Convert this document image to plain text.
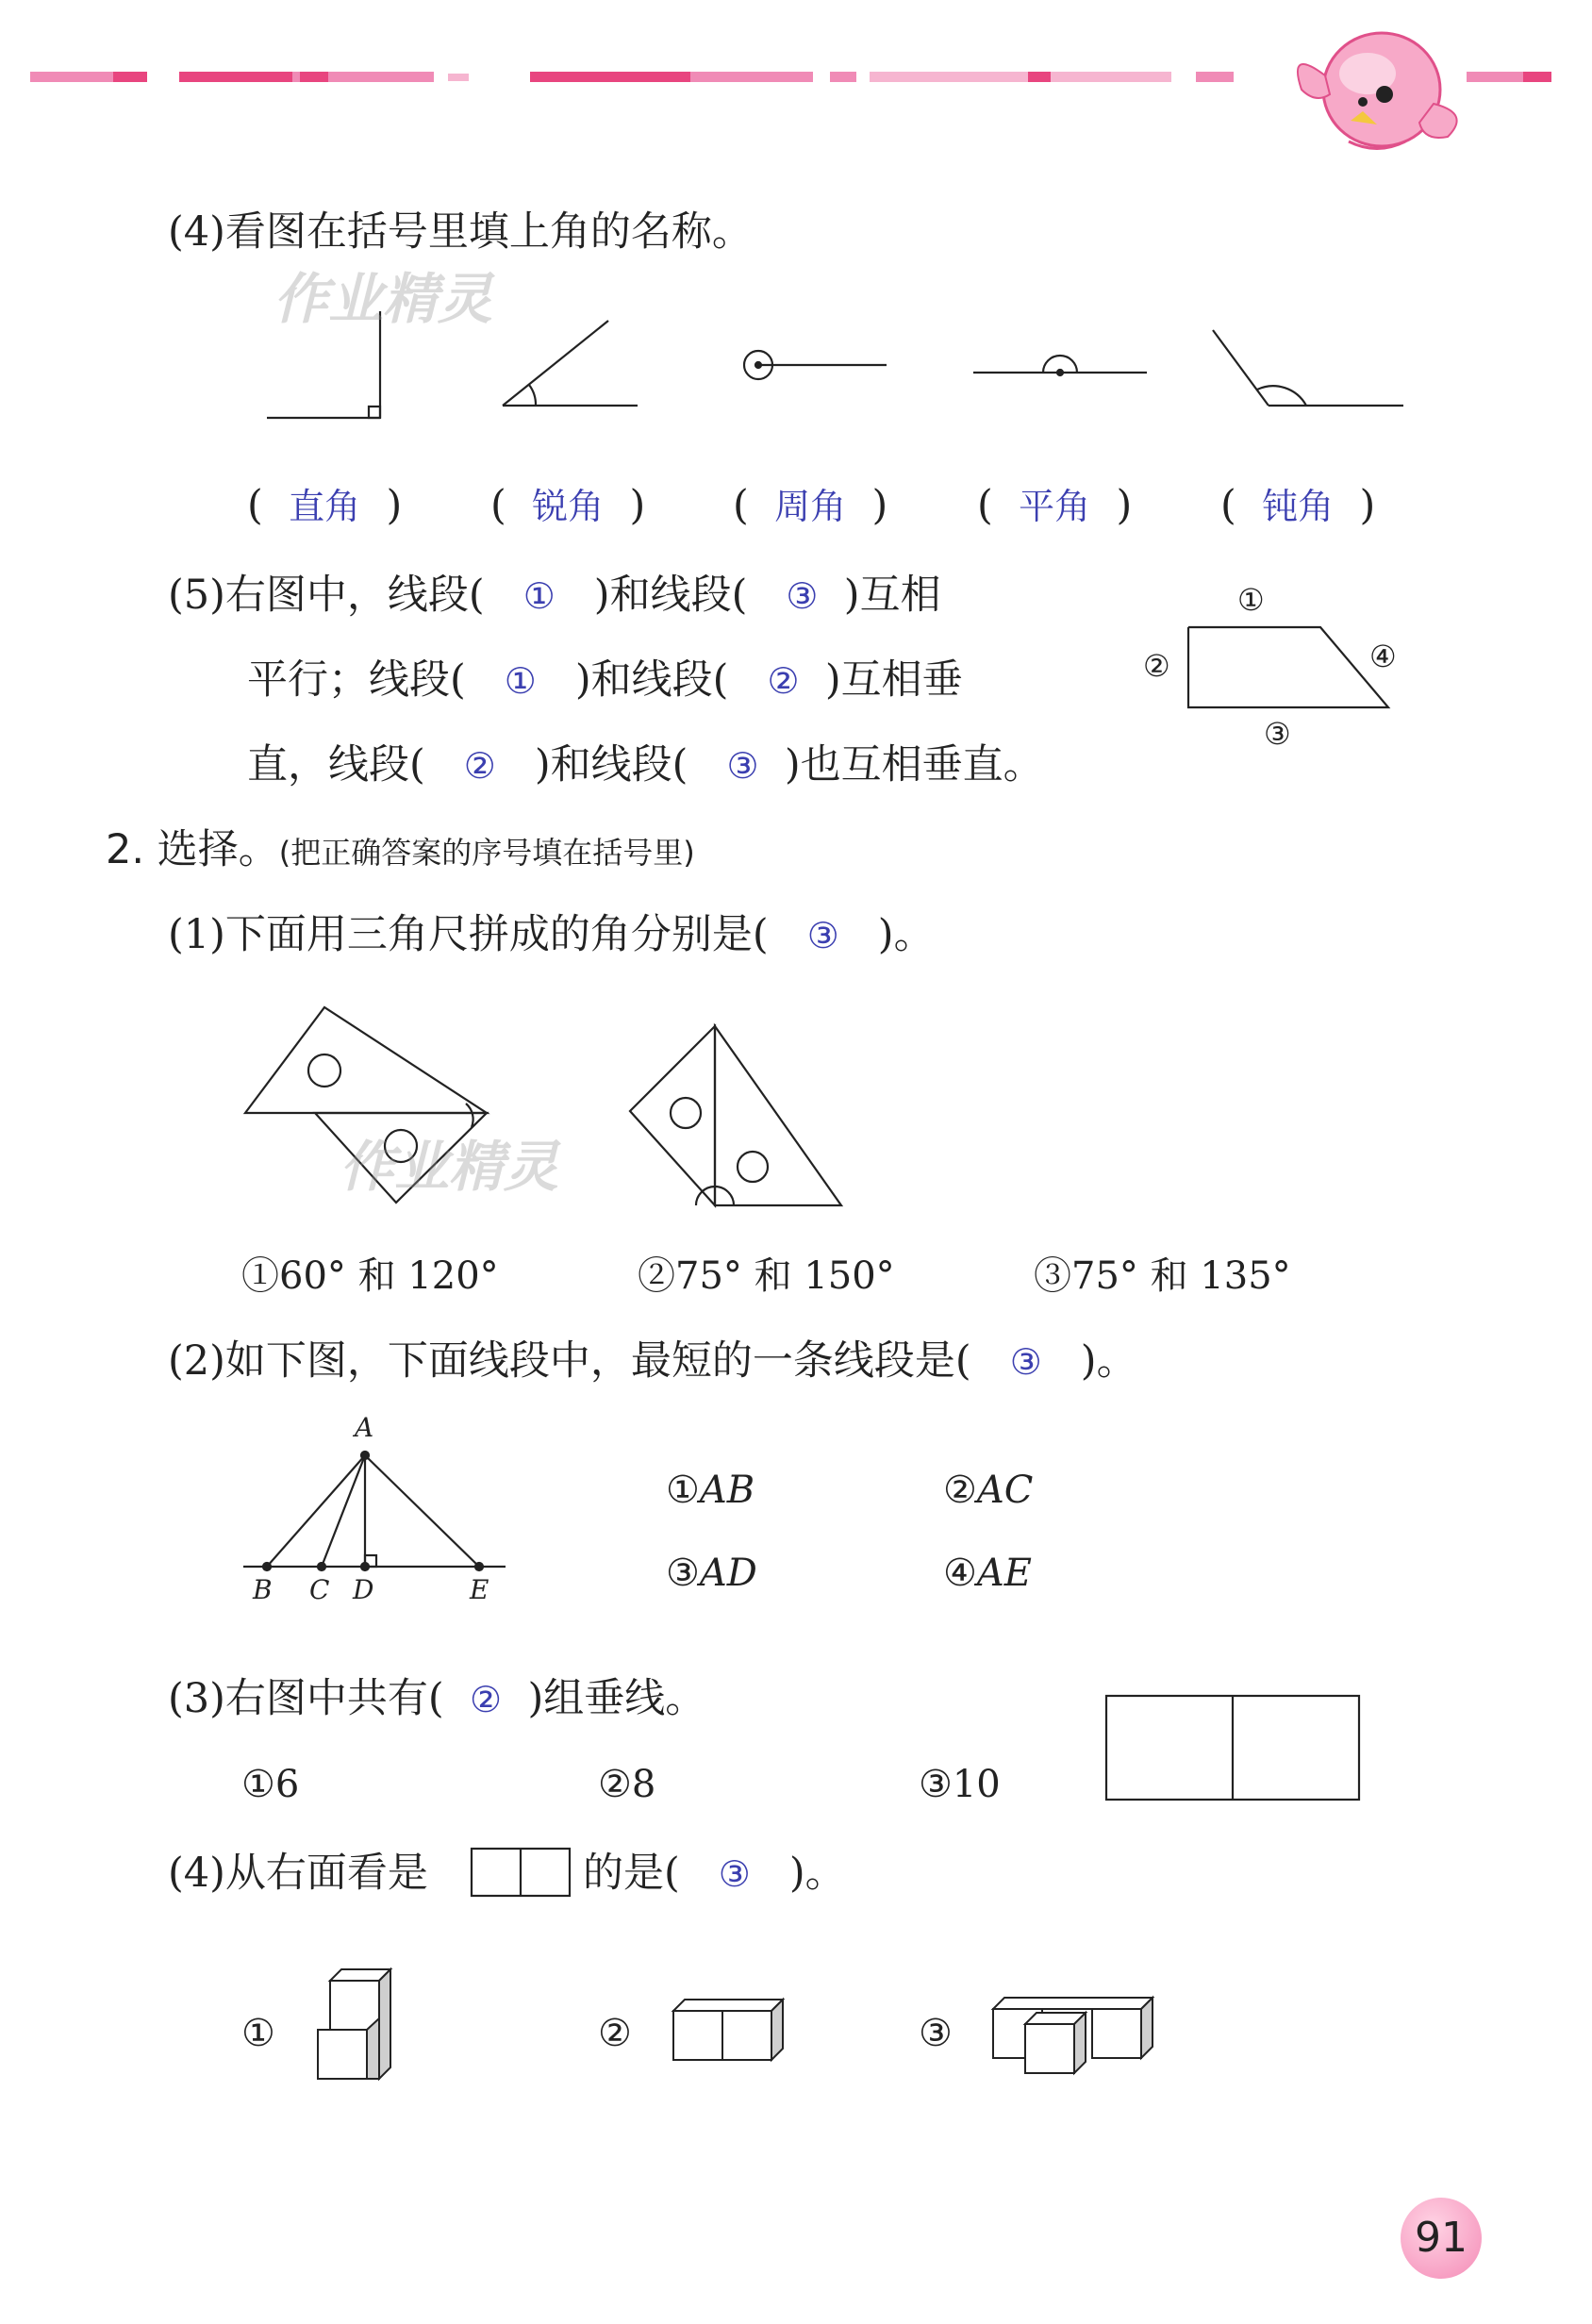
作业精灵
作业精灵
(4)看图在括号里填上角的名称。
(  直角  ) (  锐角  ) (  周角  ) (  平角  ) (  钝角  )
(5)右图中，线段( ① )和线段( ③ )互相
平行；线段( ① )和线段( ② )互相垂
直，线段( ② )和线段( ③ )也互相垂直。
①
②
③
④
2. 选择。(把正确答案的序号填在括号里)
(1)下面用三角尺拼成的角分别是( ③ )。
①60° 和 120°	②75° 和 150°	③75° 和 135°
(2)如下图，下面线段中，最短的一条线段是( ③ )。
A
B C D	E
①AB	②AC
③AD	④AE
(3)右图中共有( ② )组垂线。
①6	②8	③10
(4)从右面看是	的是( ③ )。
①	②	③
91
